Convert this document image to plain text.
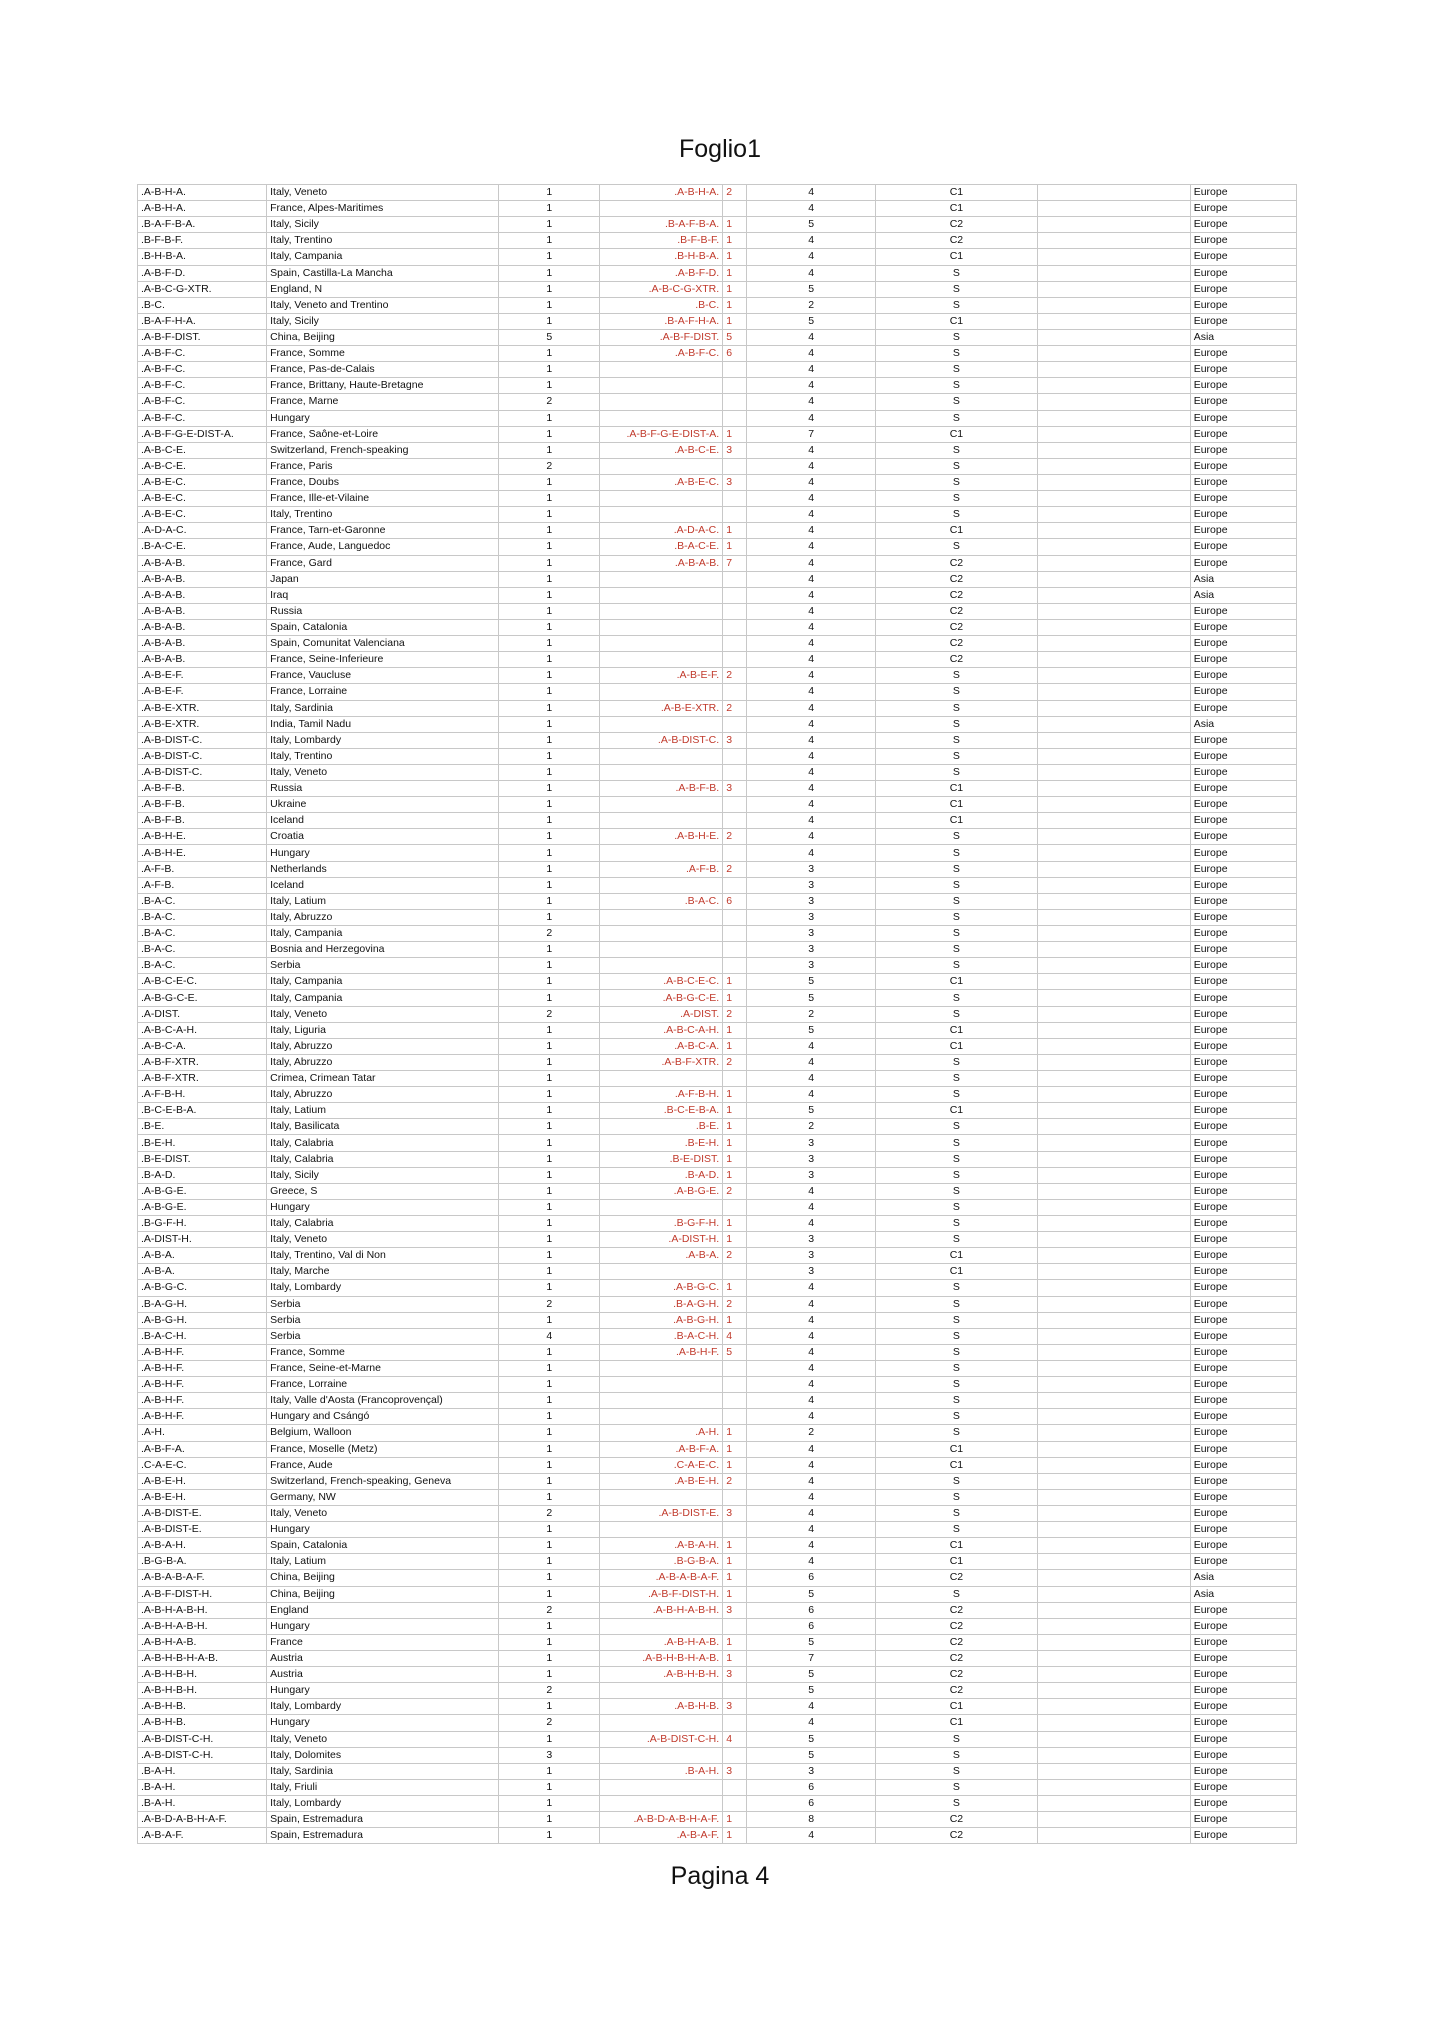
Foglio1
.A-B-H-A.	Italy, Veneto	1	.A-B-H-A.	2	4	C1		Europe
.A-B-H-A.	France, Alpes-Maritimes	1			4	C1		Europe
.B-A-F-B-A.	Italy, Sicily	1	.B-A-F-B-A.	1	5	C2		Europe
.B-F-B-F.	Italy, Trentino	1	.B-F-B-F.	1	4	C2		Europe
.B-H-B-A.	Italy, Campania	1	.B-H-B-A.	1	4	C1		Europe
.A-B-F-D.	Spain, Castilla-La Mancha	1	.A-B-F-D.	1	4	S		Europe
.A-B-C-G-XTR.	England, N	1	.A-B-C-G-XTR.	1	5	S		Europe
.B-C.	Italy, Veneto and Trentino	1	.B-C.	1	2	S		Europe
.B-A-F-H-A.	Italy, Sicily	1	.B-A-F-H-A.	1	5	C1		Europe
.A-B-F-DIST.	China, Beijing	5	.A-B-F-DIST.	5	4	S		Asia
.A-B-F-C.	France, Somme	1	.A-B-F-C.	6	4	S		Europe
.A-B-F-C.	France, Pas-de-Calais	1			4	S		Europe
.A-B-F-C.	France, Brittany, Haute-Bretagne	1			4	S		Europe
.A-B-F-C.	France, Marne	2			4	S		Europe
.A-B-F-C.	Hungary	1			4	S		Europe
.A-B-F-G-E-DIST-A.	France, Saône-et-Loire	1	.A-B-F-G-E-DIST-A.	1	7	C1		Europe
.A-B-C-E.	Switzerland, French-speaking	1	.A-B-C-E.	3	4	S		Europe
.A-B-C-E.	France, Paris	2			4	S		Europe
.A-B-E-C.	France, Doubs	1	.A-B-E-C.	3	4	S		Europe
.A-B-E-C.	France, Ille-et-Vilaine	1			4	S		Europe
.A-B-E-C.	Italy, Trentino	1			4	S		Europe
.A-D-A-C.	France, Tarn-et-Garonne	1	.A-D-A-C.	1	4	C1		Europe
.B-A-C-E.	France, Aude, Languedoc	1	.B-A-C-E.	1	4	S		Europe
.A-B-A-B.	France, Gard	1	.A-B-A-B.	7	4	C2		Europe
.A-B-A-B.	Japan	1			4	C2		Asia
.A-B-A-B.	Iraq	1			4	C2		Asia
.A-B-A-B.	Russia	1			4	C2		Europe
.A-B-A-B.	Spain, Catalonia	1			4	C2		Europe
.A-B-A-B.	Spain, Comunitat Valenciana	1			4	C2		Europe
.A-B-A-B.	France, Seine-Inferieure	1			4	C2		Europe
.A-B-E-F.	France, Vaucluse	1	.A-B-E-F.	2	4	S		Europe
.A-B-E-F.	France, Lorraine	1			4	S		Europe
.A-B-E-XTR.	Italy, Sardinia	1	.A-B-E-XTR.	2	4	S		Europe
.A-B-E-XTR.	India, Tamil Nadu	1			4	S		Asia
.A-B-DIST-C.	Italy, Lombardy	1	.A-B-DIST-C.	3	4	S		Europe
.A-B-DIST-C.	Italy, Trentino	1			4	S		Europe
.A-B-DIST-C.	Italy, Veneto	1			4	S		Europe
.A-B-F-B.	Russia	1	.A-B-F-B.	3	4	C1		Europe
.A-B-F-B.	Ukraine	1			4	C1		Europe
.A-B-F-B.	Iceland	1			4	C1		Europe
.A-B-H-E.	Croatia	1	.A-B-H-E.	2	4	S		Europe
.A-B-H-E.	Hungary	1			4	S		Europe
.A-F-B.	Netherlands	1	.A-F-B.	2	3	S		Europe
.A-F-B.	Iceland	1			3	S		Europe
.B-A-C.	Italy, Latium	1	.B-A-C.	6	3	S		Europe
.B-A-C.	Italy, Abruzzo	1			3	S		Europe
.B-A-C.	Italy, Campania	2			3	S		Europe
.B-A-C.	Bosnia and Herzegovina	1			3	S		Europe
.B-A-C.	Serbia	1			3	S		Europe
.A-B-C-E-C.	Italy, Campania	1	.A-B-C-E-C.	1	5	C1		Europe
.A-B-G-C-E.	Italy, Campania	1	.A-B-G-C-E.	1	5	S		Europe
.A-DIST.	Italy, Veneto	2	.A-DIST.	2	2	S		Europe
.A-B-C-A-H.	Italy, Liguria	1	.A-B-C-A-H.	1	5	C1		Europe
.A-B-C-A.	Italy, Abruzzo	1	.A-B-C-A.	1	4	C1		Europe
.A-B-F-XTR.	Italy, Abruzzo	1	.A-B-F-XTR.	2	4	S		Europe
.A-B-F-XTR.	Crimea, Crimean Tatar	1			4	S		Europe
.A-F-B-H.	Italy, Abruzzo	1	.A-F-B-H.	1	4	S		Europe
.B-C-E-B-A.	Italy, Latium	1	.B-C-E-B-A.	1	5	C1		Europe
.B-E.	Italy, Basilicata	1	.B-E.	1	2	S		Europe
.B-E-H.	Italy, Calabria	1	.B-E-H.	1	3	S		Europe
.B-E-DIST.	Italy, Calabria	1	.B-E-DIST.	1	3	S		Europe
.B-A-D.	Italy, Sicily	1	.B-A-D.	1	3	S		Europe
.A-B-G-E.	Greece, S	1	.A-B-G-E.	2	4	S		Europe
.A-B-G-E.	Hungary	1			4	S		Europe
.B-G-F-H.	Italy, Calabria	1	.B-G-F-H.	1	4	S		Europe
.A-DIST-H.	Italy, Veneto	1	.A-DIST-H.	1	3	S		Europe
.A-B-A.	Italy, Trentino, Val di Non	1	.A-B-A.	2	3	C1		Europe
.A-B-A.	Italy, Marche	1			3	C1		Europe
.A-B-G-C.	Italy, Lombardy	1	.A-B-G-C.	1	4	S		Europe
.B-A-G-H.	Serbia	2	.B-A-G-H.	2	4	S		Europe
.A-B-G-H.	Serbia	1	.A-B-G-H.	1	4	S		Europe
.B-A-C-H.	Serbia	4	.B-A-C-H.	4	4	S		Europe
.A-B-H-F.	France, Somme	1	.A-B-H-F.	5	4	S		Europe
.A-B-H-F.	France, Seine-et-Marne	1			4	S		Europe
.A-B-H-F.	France, Lorraine	1			4	S		Europe
.A-B-H-F.	Italy, Valle d'Aosta (Francoprovençal)	1			4	S		Europe
.A-B-H-F.	Hungary and Csángó	1			4	S		Europe
.A-H.	Belgium, Walloon	1	.A-H.	1	2	S		Europe
.A-B-F-A.	France, Moselle (Metz)	1	.A-B-F-A.	1	4	C1		Europe
.C-A-E-C.	France, Aude	1	.C-A-E-C.	1	4	C1		Europe
.A-B-E-H.	Switzerland, French-speaking, Geneva	1	.A-B-E-H.	2	4	S		Europe
.A-B-E-H.	Germany, NW	1			4	S		Europe
.A-B-DIST-E.	Italy, Veneto	2	.A-B-DIST-E.	3	4	S		Europe
.A-B-DIST-E.	Hungary	1			4	S		Europe
.A-B-A-H.	Spain, Catalonia	1	.A-B-A-H.	1	4	C1		Europe
.B-G-B-A.	Italy, Latium	1	.B-G-B-A.	1	4	C1		Europe
.A-B-A-B-A-F.	China, Beijing	1	.A-B-A-B-A-F.	1	6	C2		Asia
.A-B-F-DIST-H.	China, Beijing	1	.A-B-F-DIST-H.	1	5	S		Asia
.A-B-H-A-B-H.	England	2	.A-B-H-A-B-H.	3	6	C2		Europe
.A-B-H-A-B-H.	Hungary	1			6	C2		Europe
.A-B-H-A-B.	France	1	.A-B-H-A-B.	1	5	C2		Europe
.A-B-H-B-H-A-B.	Austria	1	.A-B-H-B-H-A-B.	1	7	C2		Europe
.A-B-H-B-H.	Austria	1	.A-B-H-B-H.	3	5	C2		Europe
.A-B-H-B-H.	Hungary	2			5	C2		Europe
.A-B-H-B.	Italy, Lombardy	1	.A-B-H-B.	3	4	C1		Europe
.A-B-H-B.	Hungary	2			4	C1		Europe
.A-B-DIST-C-H.	Italy, Veneto	1	.A-B-DIST-C-H.	4	5	S		Europe
.A-B-DIST-C-H.	Italy, Dolomites	3			5	S		Europe
.B-A-H.	Italy, Sardinia	1	.B-A-H.	3	3	S		Europe
.B-A-H.	Italy, Friuli	1			6	S		Europe
.B-A-H.	Italy, Lombardy	1			6	S		Europe
.A-B-D-A-B-H-A-F.	Spain, Estremadura	1	.A-B-D-A-B-H-A-F.	1	8	C2		Europe
.A-B-A-F.	Spain, Estremadura	1	.A-B-A-F.	1	4	C2		Europe
Pagina 4
